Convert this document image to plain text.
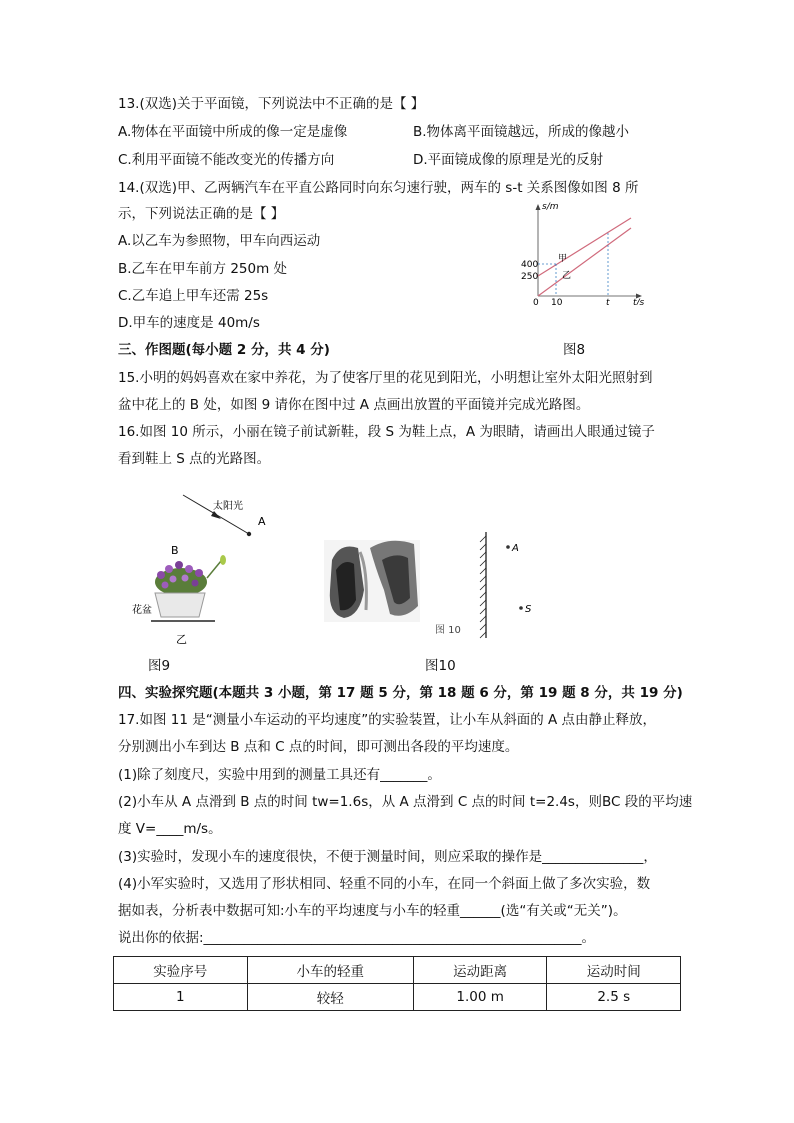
13.(双选)关于平面镜，下列说法中不正确的是【 】
A.物体在平面镜中所成的像一定是虚像	B.物体离平面镜越远，所成的像越小
C.利用平面镜不能改变光的传播方向	D.平面镜成像的原理是光的反射
14.(双选)甲、乙两辆汽车在平直公路同时向东匀速行驶，两车的 s-t 关系图像如图 8 所
示，下列说法正确的是【 】
A.以乙车为参照物，甲车向西运动
B.乙车在甲车前方 250m 处
C.乙车追上甲车还需 25s
D.甲车的速度是 40m/s
s/m
t/s
0 10	t
400
250
甲
乙
三、作图题(每小题 2 分，共 4 分)	图8
15.小明的妈妈喜欢在家中养花，为了使客厅里的花见到阳光，小明想让室外太阳光照射到
盆中花上的 B 处，如图 9 请你在图中过 A 点画出放置的平面镜并完成光路图。
16.如图 10 所示，小丽在镜子前试新鞋，段 S 为鞋上点，A 为眼睛，请画出人眼通过镜子
看到鞋上 S 点的光路图。
太阳光
A
B
花盆
乙
图9
A
S
图 10
图10
四、实验探究题(本题共 3 小题，第 17 题 5 分，第 18 题 6 分，第 19 题 8 分，共 19 分)
17.如图 11 是“测量小车运动的平均速度”的实验装置，让小车从斜面的 A 点由静止释放，
分别测出小车到达 B 点和 C 点的时间，即可测出各段的平均速度。
(1)除了刻度尺，实验中用到的测量工具还有_______。
(2)小车从 A 点滑到 B 点的时间 tw=1.6s，从 A 点滑到 C 点的时间 t=2.4s，则BC 段的平均速
度 V=____m/s。
(3)实验时，发现小车的速度很快，不便于测量时间，则应采取的操作是_______________，
(4)小军实验时，又选用了形状相同、轻重不同的小车，在同一个斜面上做了多次实验，数
据如表，分析表中数据可知:小车的平均速度与小车的轻重______(选“有关或“无关”)。
说出你的依据:________________________________________________________。
实验序号	小车的轻重	运动距离	运动时间
1	较轻	1.00 m	2.5 s
